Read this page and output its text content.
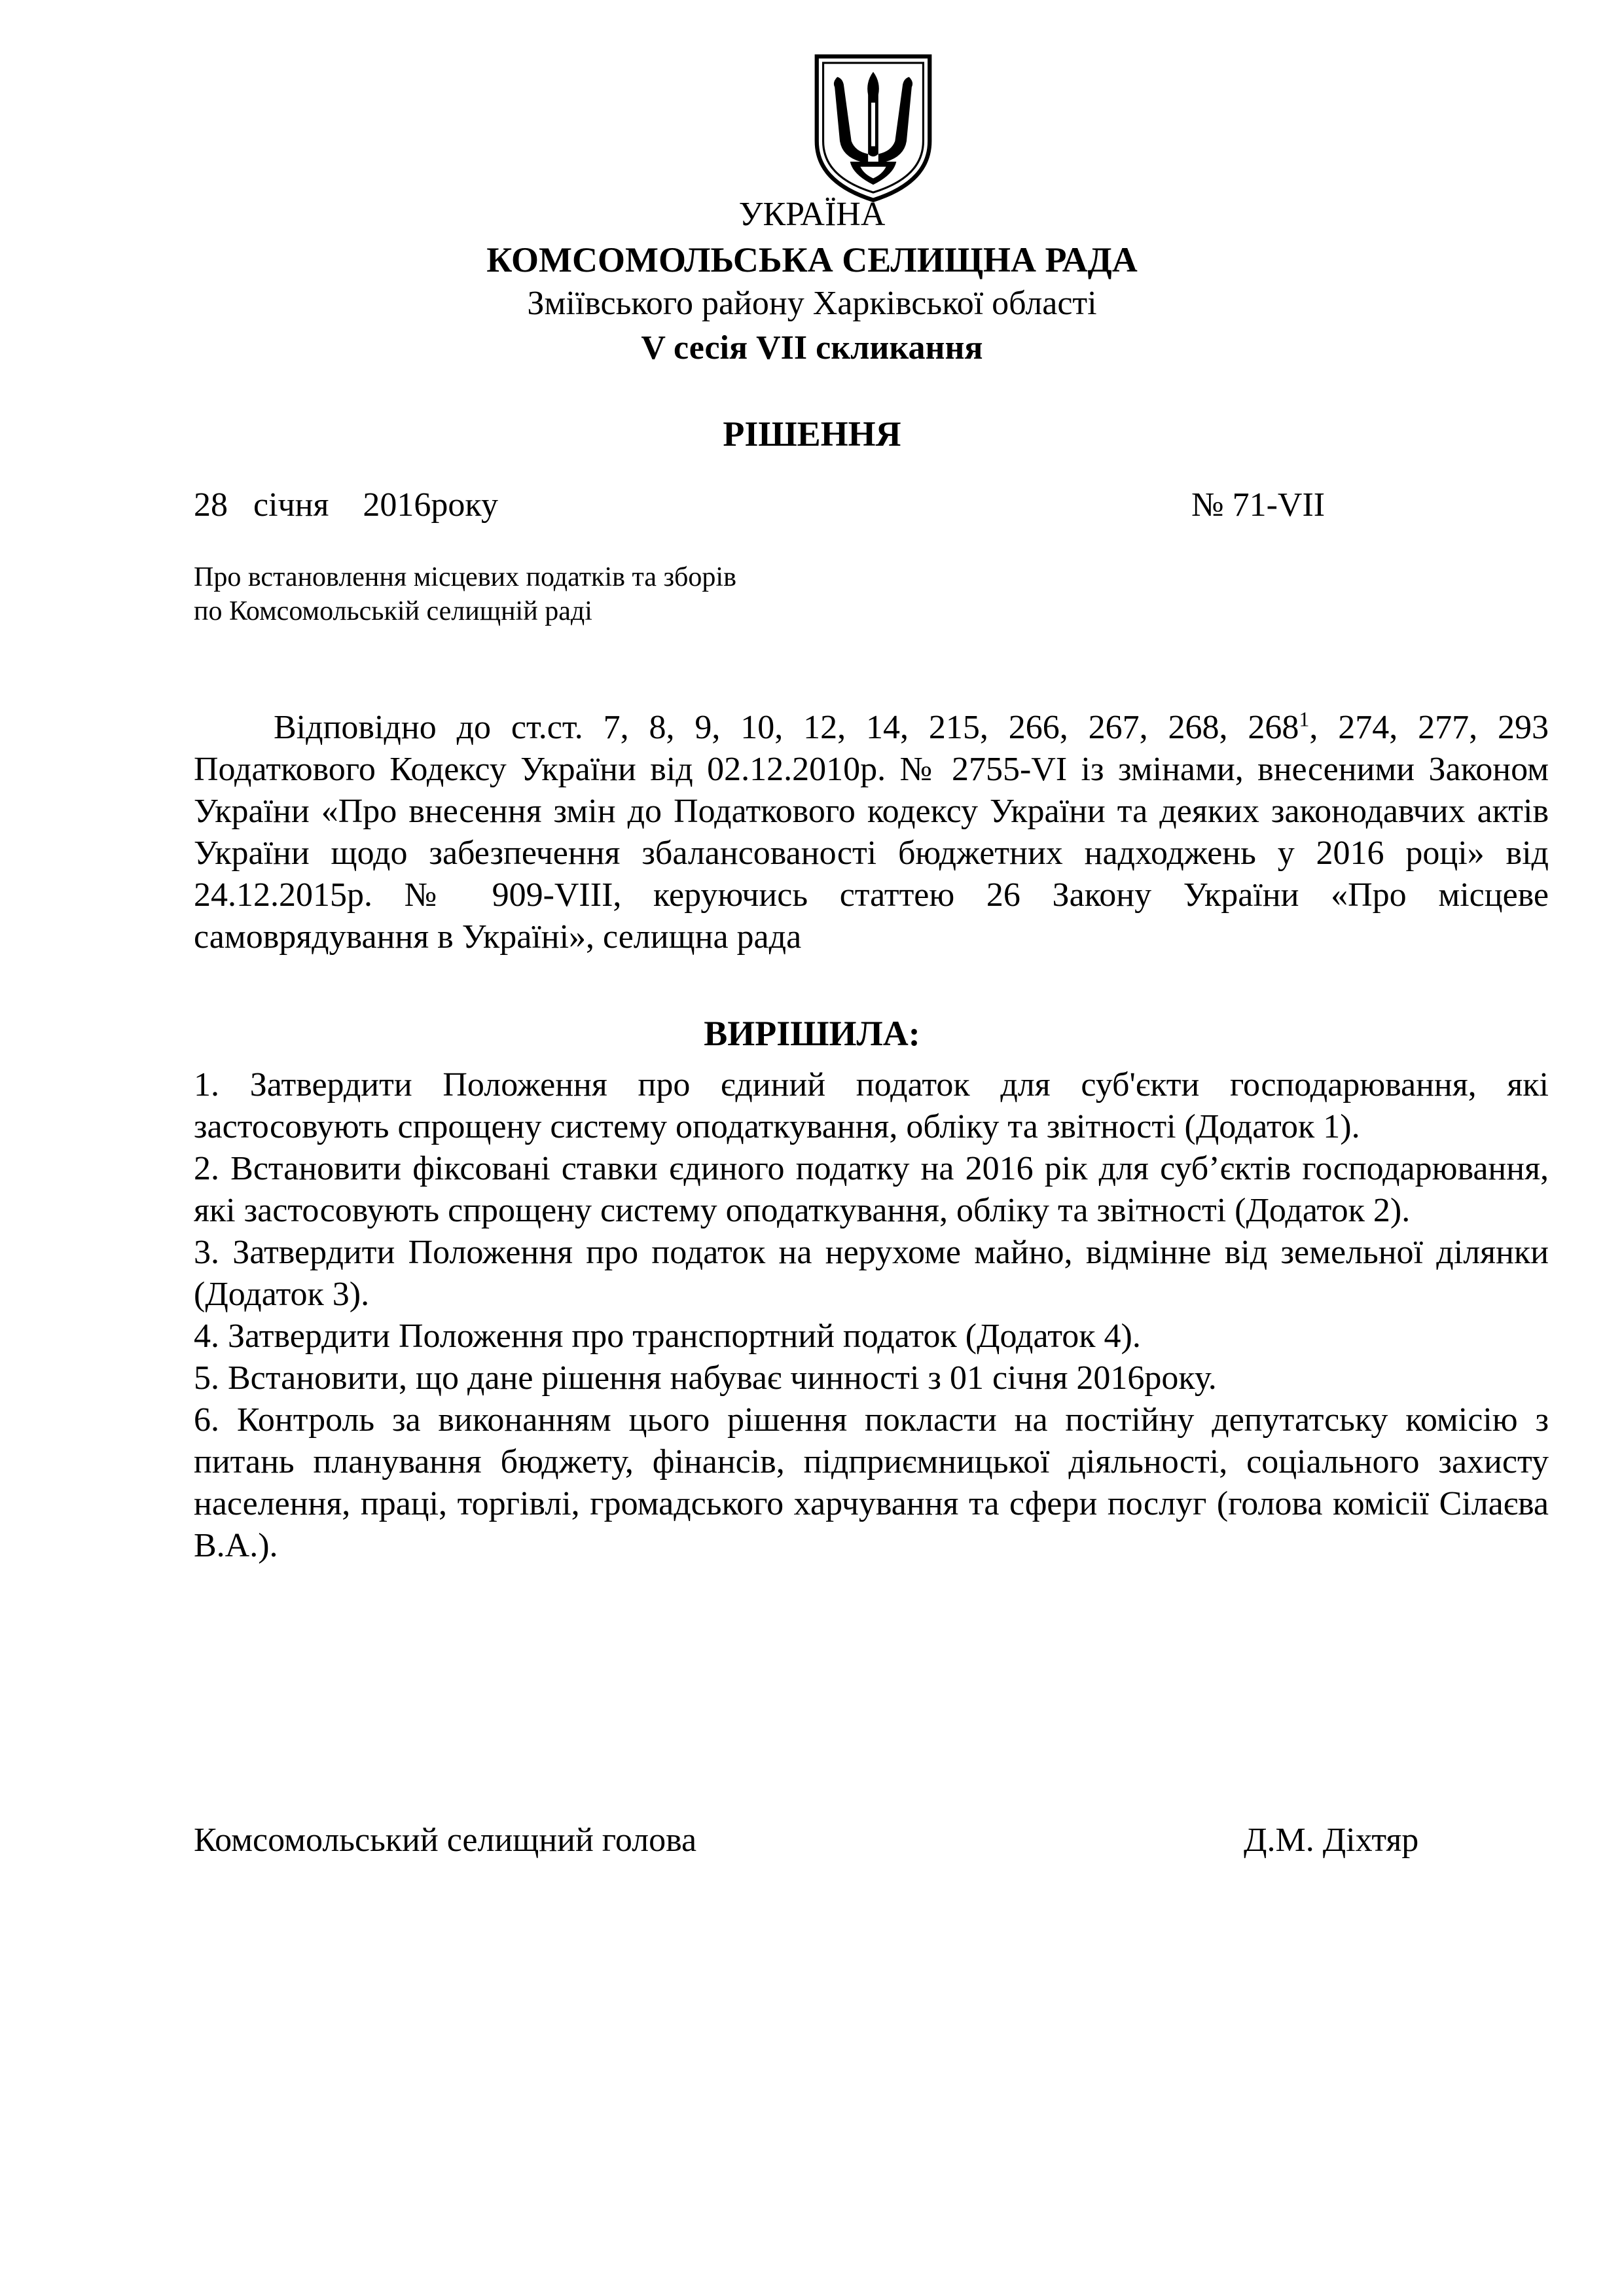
УКРАЇНА
КОМСОМОЛЬСЬКА СЕЛИЩНА РАДА
Зміївського району Харківської області
V сесія VII скликання
РІШЕННЯ
28   січня    2016року	№ 71-VII
Про встановлення місцевих податків та зборів
по Комсомольській селищній раді

Відповідно до ст.ст. 7, 8, 9, 10, 12, 14, 215, 266, 267, 268, $268^1$, 274, 277, 293 Податкового Кодексу України від 02.12.2010р. № 2755-VI із змінами, внесеними Законом України «Про внесення змін до Податкового кодексу України та деяких законодавчих актів України щодо забезпечення збалансованості бюджетних надходжень у 2016 році» від 24.12.2015р. № 909-VIII, керуючись статтею 26 Закону України «Про місцеве самоврядування в Україні», селищна рада

ВИРІШИЛА:
1. Затвердити Положення про єдиний податок для суб'єкти господарювання, які застосовують спрощену систему оподаткування, обліку та звітності (Додаток 1).
2. Встановити фіксовані ставки єдиного податку на 2016 рік для суб’єктів господарювання, які застосовують спрощену систему оподаткування, обліку та звітності (Додаток 2).
3. Затвердити Положення про податок на нерухоме майно, відмінне від земельної ділянки (Додаток 3).
4. Затвердити Положення про транспортний податок (Додаток 4).
5. Встановити, що дане рішення набуває чинності з 01 січня 2016року.
6. Контроль за виконанням цього рішення покласти на постійну депутатську комісію з питань планування бюджету, фінансів, підприємницької діяльності, соціального захисту населення, праці, торгівлі, громадського харчування та сфери послуг (голова комісії Сілаєва В.А.).
Комсомольський селищний голова	Д.М. Діхтяр
